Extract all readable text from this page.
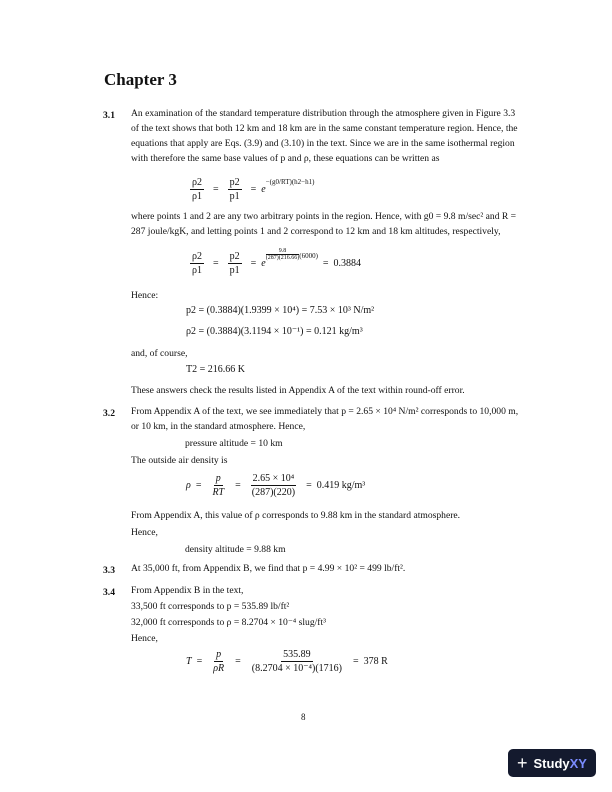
Chapter 3
3.1 An examination of the standard temperature distribution through the atmosphere given in Figure 3.3 of the text shows that both 12 km and 18 km are in the same constant temperature region. Hence, the equations that apply are Eqs. (3.9) and (3.10) in the text. Since we are in the same isothermal region with therefore the same base values of p and ρ, these equations can be written as
$\frac{\rho 2}{\rho 1} = \frac{p2}{p1} = e$
−(g0/RT)(h2−h1)
where points 1 and 2 are any two arbitrary points in the region. Hence, with g0 = 9.8 m/sec² and R = 287 joule/kgK, and letting points 1 and 2 correspond to 12 km and 18 km altitudes, respectively,
$\frac{\rho 2}{\rho 1} = \frac{p2}{p1} = e$
9.8
(287)(216.66) (6000)
= 0.3884
Hence:
p2 = (0.3884)(1.9399 × 10⁴) = 7.53 × 10³ N/m²
ρ2 = (0.3884)(3.1194 × 10⁻¹) = 0.121 kg/m³
and, of course,
T2 = 216.66 K
These answers check the results listed in Appendix A of the text within round-off error.
3.2 From Appendix A of the text, we see immediately that p = 2.65 × 10⁴ N/m² corresponds to 10,000 m, or 10 km, in the standard atmosphere. Hence,
pressure altitude = 10 km
The outside air density is
$\rho = \frac{p}{RT} = \frac{\text{2.65 × 10⁴}}{(287)(220)} = 0.419$ kg/m³
From Appendix A, this value of ρ corresponds to 9.88 km in the standard atmosphere.
Hence,
density altitude = 9.88 km
3.3 At 35,000 ft, from Appendix B, we find that p = 4.99 × 10² = 499 lb/ft².
3.4 From Appendix B in the text,
33,500 ft corresponds to p = 535.89 lb/ft²
32,000 ft corresponds to ρ = 8.2704 × 10⁻⁴ slug/ft³
Hence,
$T = \frac{p}{\rho R} = \frac{535.89}{\text{(8.2704 × 10⁻⁴)(1716)}} = 378$ R
8
+ StudyXY
